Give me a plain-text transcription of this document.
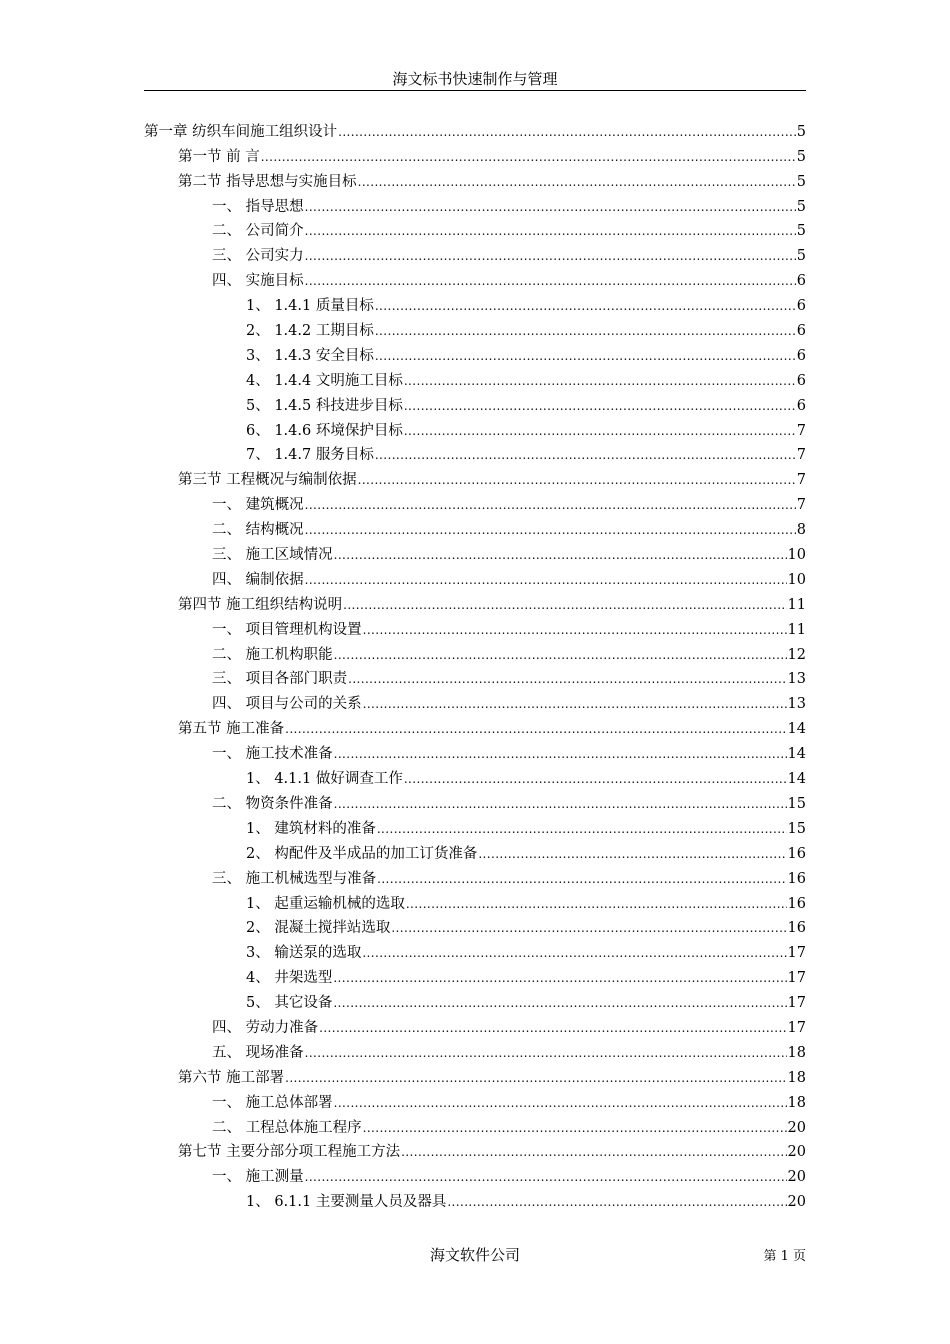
海文标书快速制作与管理
第一章 纺织车间施工组织设计 .....	5
第一节 前 言 .....	5
第二节 指导思想与实施目标 .....	5
一、 指导思想 .....	5
二、 公司简介 .....	5
三、 公司实力 .....	5
四、 实施目标 .....	6
1、 1.4.1 质量目标 .....	6
2、 1.4.2 工期目标 .....	6
3、 1.4.3 安全目标 .....	6
4、 1.4.4 文明施工目标 .....	6
5、 1.4.5 科技进步目标 .....	6
6、 1.4.6 环境保护目标 .....	7
7、 1.4.7 服务目标 .....	7
第三节 工程概况与编制依据 .....	7
一、 建筑概况 .....	7
二、 结构概况 .....	8
三、 施工区域情况 .....	10
四、 编制依据 .....	10
第四节 施工组织结构说明 .....	11
一、 项目管理机构设置 .....	11
二、 施工机构职能 .....	12
三、 项目各部门职责 .....	13
四、 项目与公司的关系 .....	13
第五节 施工准备 .....	14
一、 施工技术准备 .....	14
1、 4.1.1 做好调查工作 .....	14
二、 物资条件准备 .....	15
1、 建筑材料的准备 .....	15
2、 构配件及半成品的加工订货准备 .....	16
三、 施工机械选型与准备 .....	16
1、 起重运输机械的选取 .....	16
2、 混凝土搅拌站选取 .....	16
3、 输送泵的选取 .....	17
4、 井架选型 .....	17
5、 其它设备 .....	17
四、 劳动力准备 .....	17
五、 现场准备 .....	18
第六节 施工部署 .....	18
一、 施工总体部署 .....	18
二、 工程总体施工程序 .....	20
第七节 主要分部分项工程施工方法 .....	20
一、 施工测量 .....	20
1、 6.1.1 主要测量人员及器具 .....	20
海文软件公司	第 1 页
